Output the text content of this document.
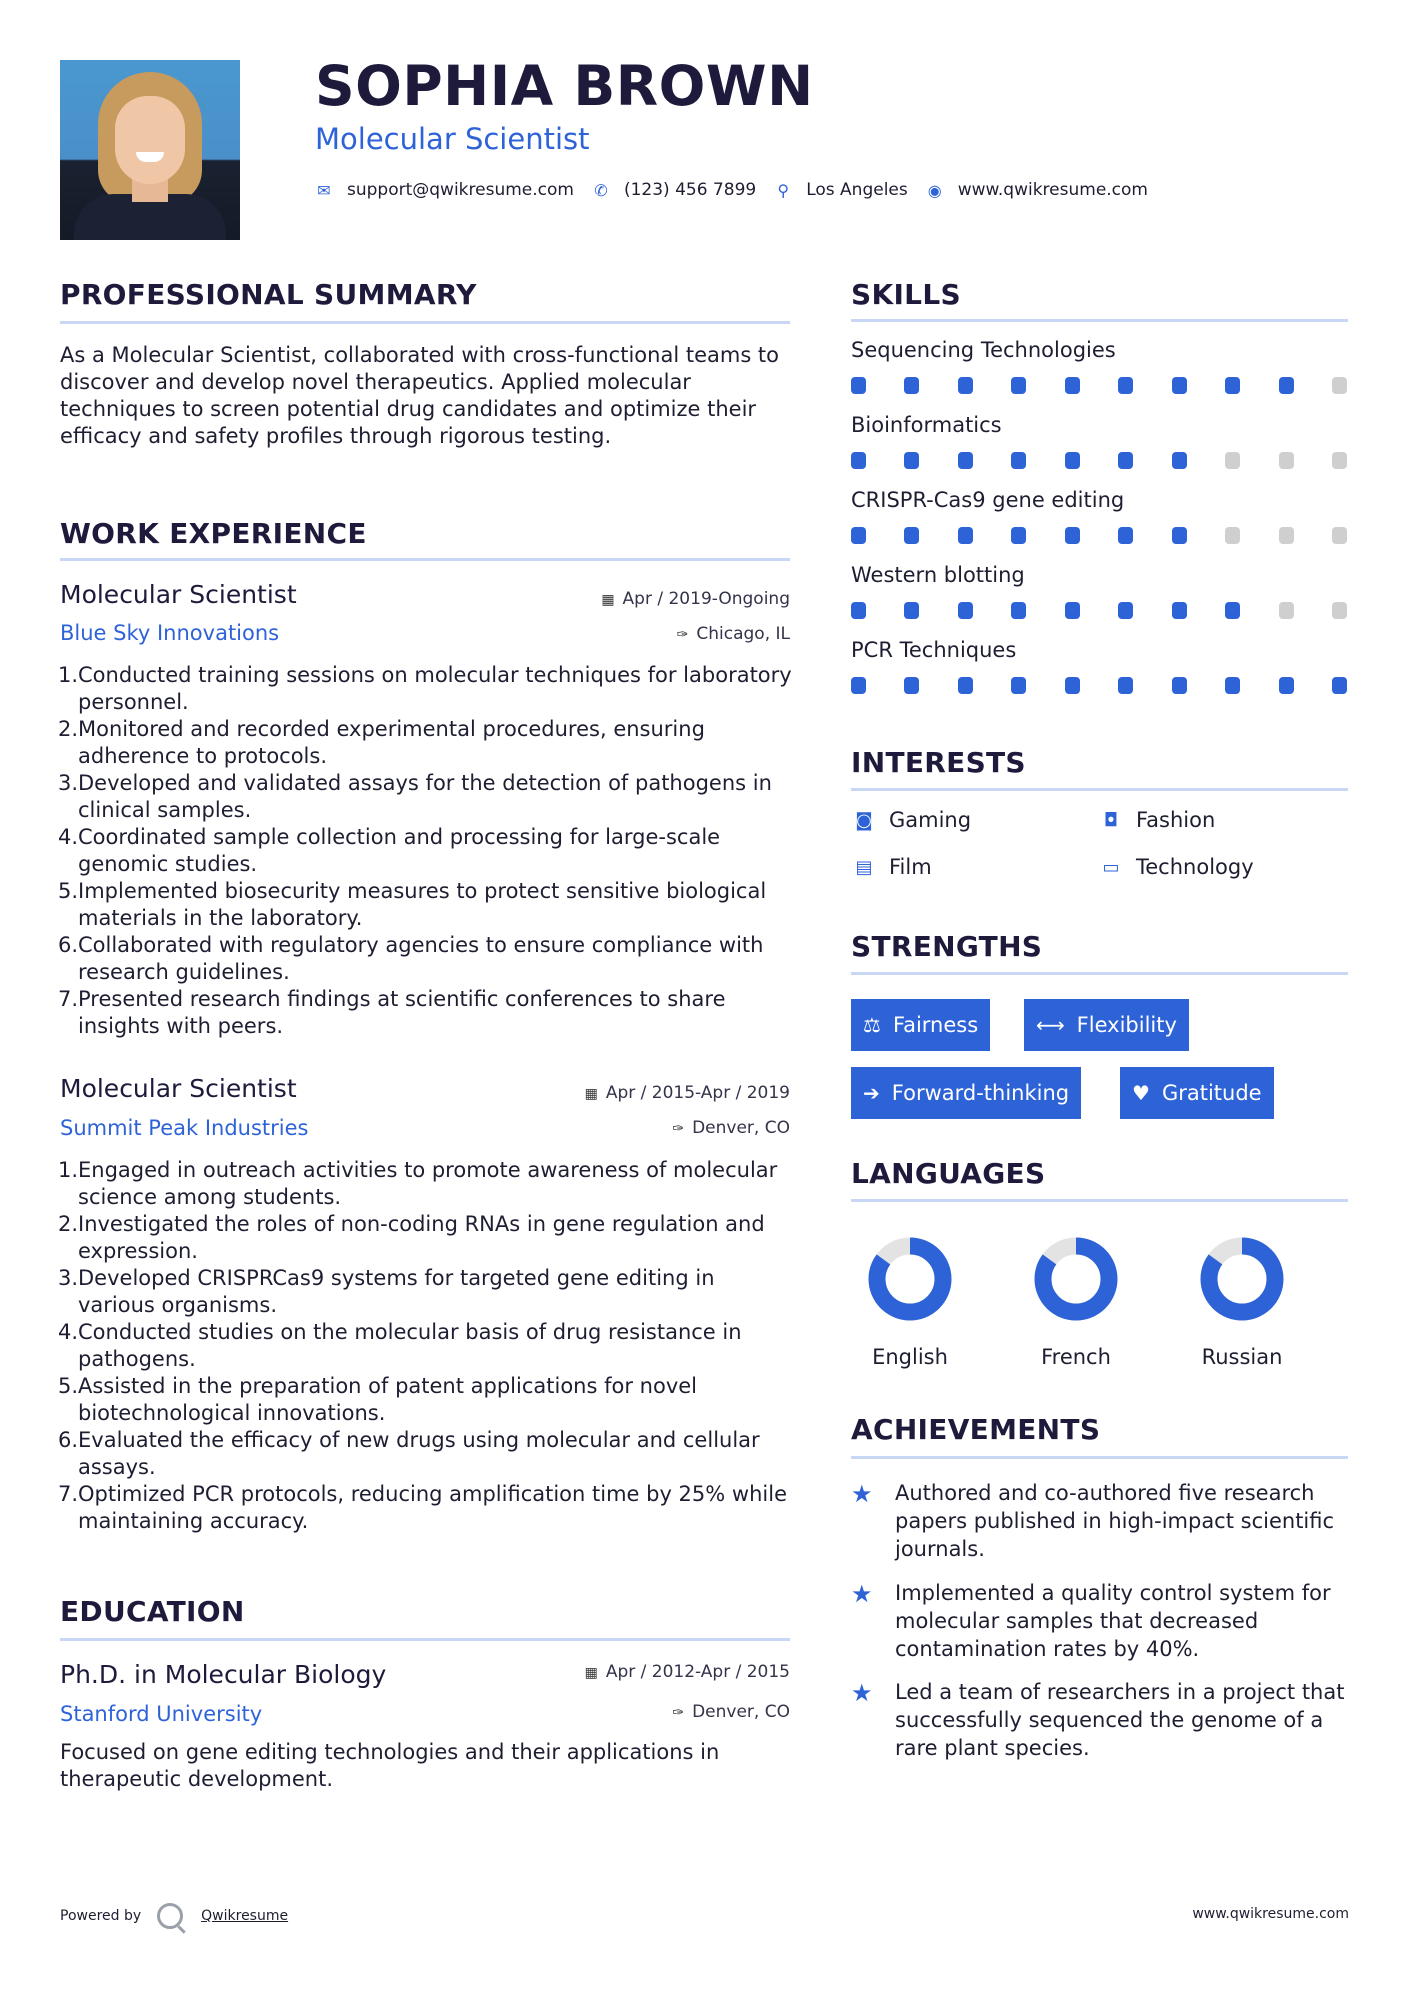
SOPHIA BROWN
Molecular Scientist
✉ support@qwikresume.com ✆ (123) 456 7899 ⚲ Los Angeles ◉ www.qwikresume.com
PROFESSIONAL SUMMARY
As a Molecular Scientist, collaborated with cross-functional teams to discover and develop novel therapeutics. Applied molecular techniques to screen potential drug candidates and optimize their efficacy and safety profiles through rigorous testing.
WORK EXPERIENCE
Molecular Scientist	▦ Apr / 2019-Ongoing
Blue Sky Innovations	✑ Chicago, IL
1. Conducted training sessions on molecular techniques for laboratory personnel.
2. Monitored and recorded experimental procedures, ensuring adherence to protocols.
3. Developed and validated assays for the detection of pathogens in clinical samples.
4. Coordinated sample collection and processing for large-scale genomic studies.
5. Implemented biosecurity measures to protect sensitive biological materials in the laboratory.
6. Collaborated with regulatory agencies to ensure compliance with research guidelines.
7. Presented research findings at scientific conferences to share insights with peers.
Molecular Scientist	▦ Apr / 2015-Apr / 2019
Summit Peak Industries	✑ Denver, CO
1. Engaged in outreach activities to promote awareness of molecular science among students.
2. Investigated the roles of non-coding RNAs in gene regulation and expression.
3. Developed CRISPRCas9 systems for targeted gene editing in various organisms.
4. Conducted studies on the molecular basis of drug resistance in pathogens.
5. Assisted in the preparation of patent applications for novel biotechnological innovations.
6. Evaluated the efficacy of new drugs using molecular and cellular assays.
7. Optimized PCR protocols, reducing amplification time by 25% while maintaining accuracy.
EDUCATION
Ph.D. in Molecular Biology	▦ Apr / 2012-Apr / 2015
Stanford University	✑ Denver, CO
Focused on gene editing technologies and their applications in therapeutic development.
SKILLS
Sequencing Technologies
Bioinformatics
CRISPR-Cas9 gene editing
Western blotting
PCR Techniques
INTERESTS
◙ Gaming	◘ Fashion
▤ Film	▭ Technology
STRENGTHS
⚖ Fairness	⟷ Flexibility
➔ Forward-thinking	♥ Gratitude
LANGUAGES
English	French	Russian
ACHIEVEMENTS
★	Authored and co-authored five research papers published in high-impact scientific journals.
★	Implemented a quality control system for molecular samples that decreased contamination rates by 40%.
★	Led a team of researchers in a project that successfully sequenced the genome of a rare plant species.
Powered by	Qwikresume	www.qwikresume.com
